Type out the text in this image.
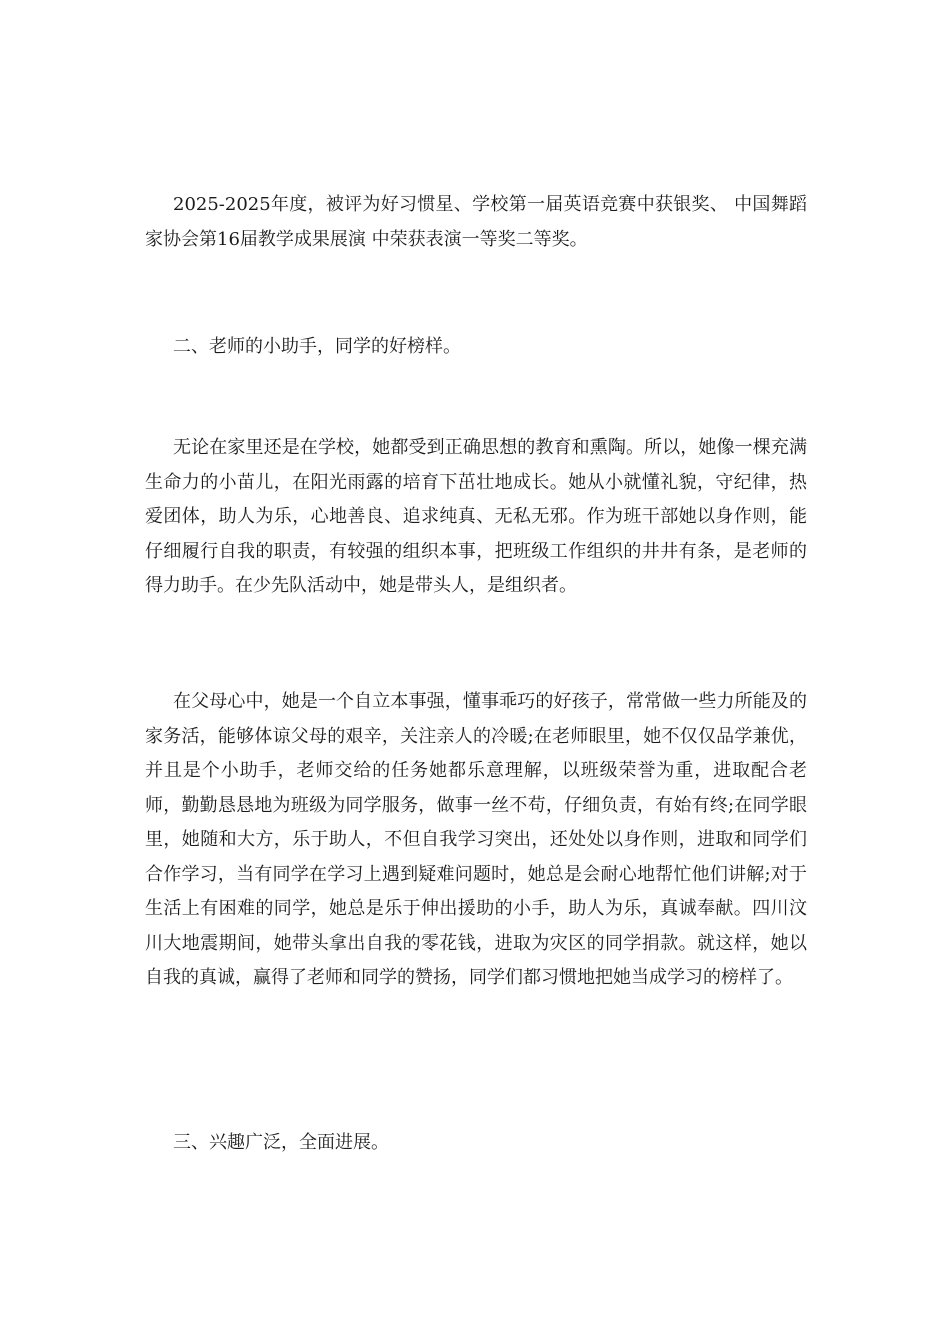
2025-2025年度，被评为好习惯星、学校第一届英语竞赛中获银奖、 中国舞蹈家协会第16届教学成果展演 中荣获表演一等奖二等奖。

二、老师的小助手，同学的好榜样。

无论在家里还是在学校，她都受到正确思想的教育和熏陶。所以，她像一棵充满生命力的小苗儿，在阳光雨露的培育下茁壮地成长。她从小就懂礼貌，守纪律，热爱团体，助人为乐，心地善良、追求纯真、无私无邪。作为班干部她以身作则，能仔细履行自我的职责，有较强的组织本事，把班级工作组织的井井有条，是老师的得力助手。在少先队活动中，她是带头人，是组织者。

在父母心中，她是一个自立本事强，懂事乖巧的好孩子，常常做一些力所能及的家务活，能够体谅父母的艰辛，关注亲人的冷暖;在老师眼里，她不仅仅品学兼优，并且是个小助手，老师交给的任务她都乐意理解，以班级荣誉为重，进取配合老师，勤勤恳恳地为班级为同学服务，做事一丝不苟，仔细负责，有始有终;在同学眼里，她随和大方，乐于助人，不但自我学习突出，还处处以身作则，进取和同学们合作学习，当有同学在学习上遇到疑难问题时，她总是会耐心地帮忙他们讲解;对于生活上有困难的同学，她总是乐于伸出援助的小手，助人为乐，真诚奉献。四川汶川大地震期间，她带头拿出自我的零花钱，进取为灾区的同学捐款。就这样，她以自我的真诚，赢得了老师和同学的赞扬，同学们都习惯地把她当成学习的榜样了。

三、兴趣广泛，全面进展。
